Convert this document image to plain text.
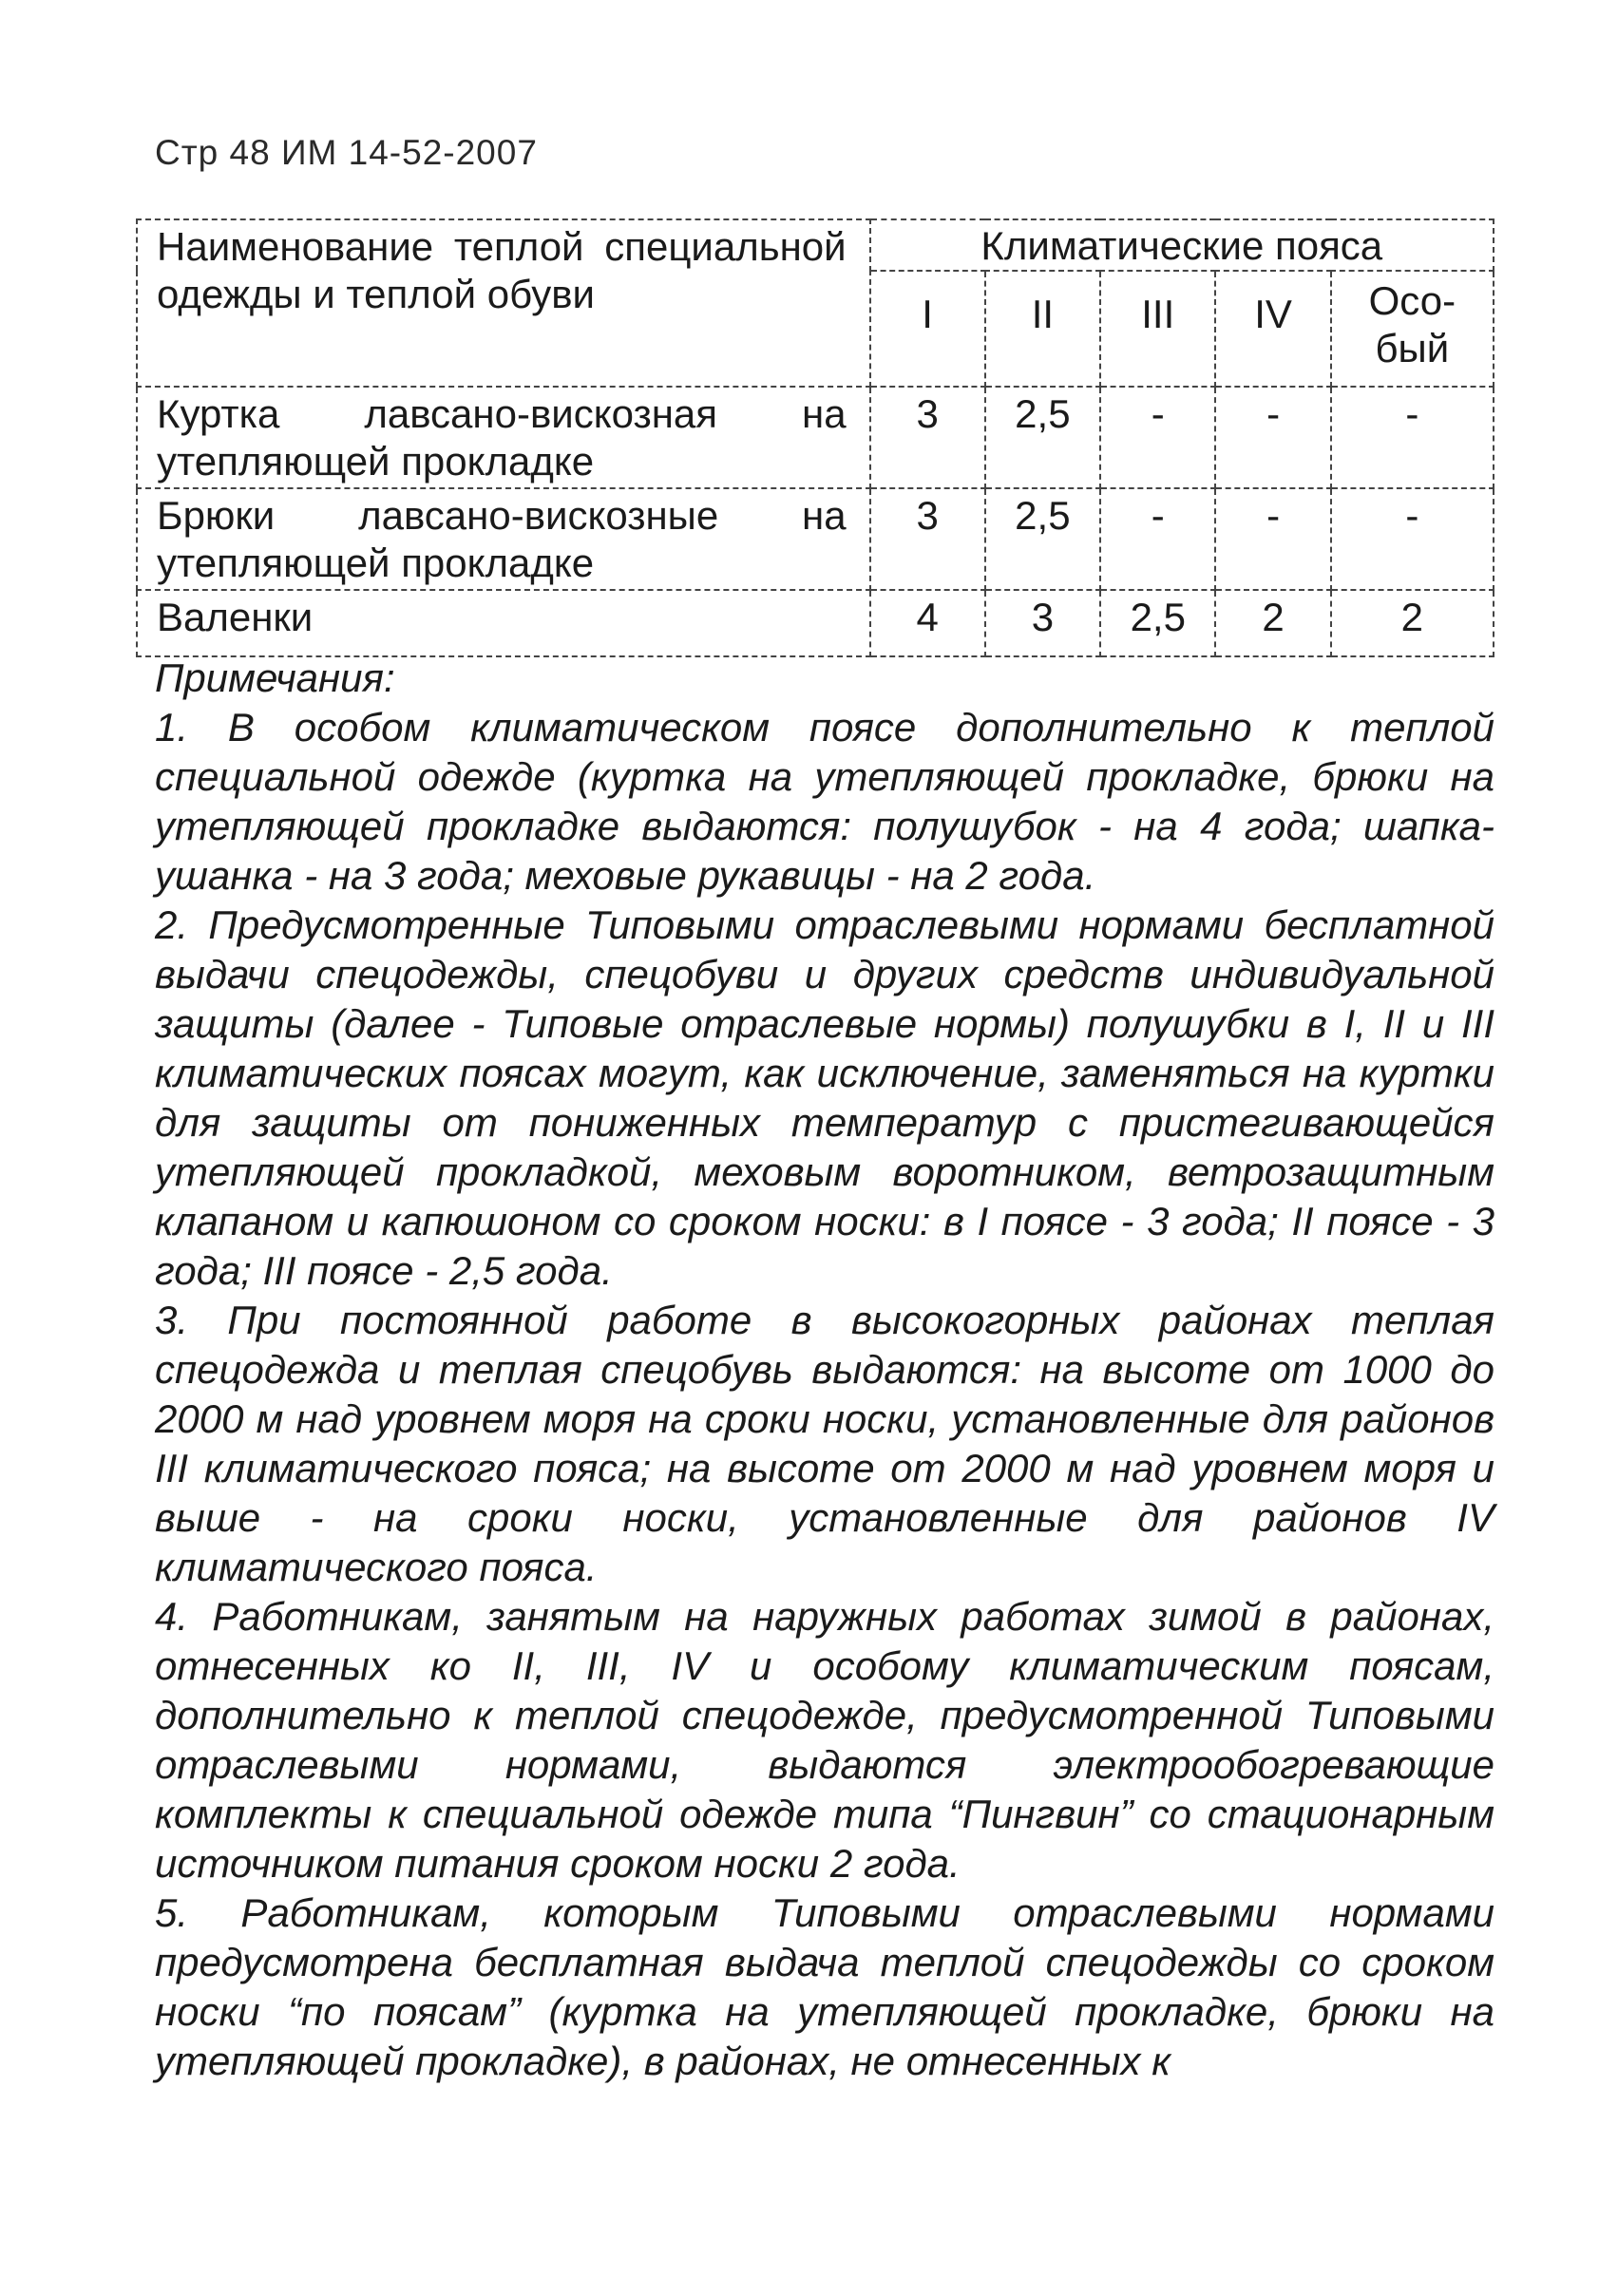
Стр 48 ИМ 14-52-2007
Наименование теплой специальной одежды и теплой обуви	Климатические пояса				
	I	II	III	IV	Осо-
бый
Куртка лавсано-вискозная на утепляющей прокладке	3	2,5	-	-	-
Брюки лавсано-вискозные на утепляющей прокладке	3	2,5	-	-	-
Валенки	4	3	2,5	2	2

Примечания:

1. В особом климатическом поясе дополнительно к теплой специальной одежде (куртка на утепляющей прокладке, брюки на утепляющей прокладке выдаются: полушубок - на 4 года; шапка-ушанка - на 3 года; меховые рукавицы - на 2 года.

2. Предусмотренные Типовыми отраслевыми нормами бесплатной выдачи спецодежды, спецобуви и других средств индивидуальной защиты (далее - Типовые отраслевые нормы) полушубки в I, II и III климатических поясах могут, как исключение, заменяться на куртки для защиты от пониженных температур с пристегивающейся утепляющей прокладкой, меховым воротником, ветрозащитным клапаном и капюшоном со сроком носки: в I поясе - 3 года; II поясе - 3 года; III поясе - 2,5 года.

3. При постоянной работе в высокогорных районах теплая спецодежда и теплая спецобувь выдаются: на высоте от 1000 до 2000 м над уровнем моря на сроки носки, установленные для районов III климатического пояса; на высоте от 2000 м над уровнем моря и выше - на сроки носки, установленные для районов IV климатического пояса.

4. Работникам, занятым на наружных работах зимой в районах, отнесенных ко II, III, IV и особому климатическим поясам, дополнительно к теплой спецодежде, предусмотренной Типовыми отраслевыми нормами, выдаются электрообогревающие комплекты к специальной одежде типа “Пингвин” со стационарным источником питания сроком носки 2 года.

5. Работникам, которым Типовыми отраслевыми нормами предусмотрена бесплатная выдача теплой спецодежды со сроком носки “по поясам” (куртка на утепляющей прокладке, брюки на утепляющей прокладке), в районах, не отнесенных к
